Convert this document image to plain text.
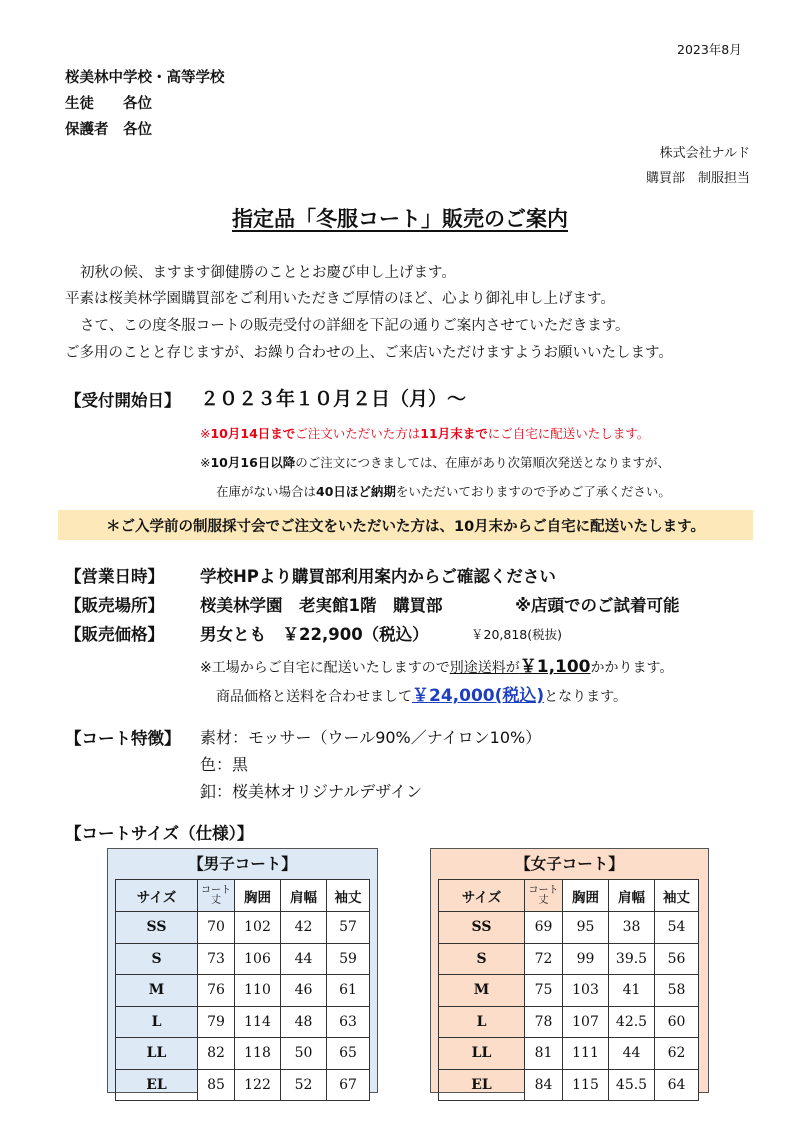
2023年8月
桜美林中学校・高等学校
生徒　　各位
保護者　各位
株式会社ナルド
購買部　制服担当
指定品「冬服コート」販売のご案内
初秋の候、ますます御健勝のこととお慶び申し上げます。
平素は桜美林学園購買部をご利用いただきご厚情のほど、心より御礼申し上げます。
さて、この度冬服コートの販売受付の詳細を下記の通りご案内させていただきます。
ご多用のことと存じますが、お繰り合わせの上、ご来店いただけますようお願いいたします。
【受付開始日】 ２０２３年１０月２日（月）～
※10月14日までご注文いただいた方は11月末までにご自宅に配送いたします。
※10月16日以降のご注文につきましては、在庫があり次第順次発送となりますが、
在庫がない場合は40日ほど納期をいただいておりますので予めご了承ください。
＊ご入学前の制服採寸会でご注文をいただいた方は、10月末からご自宅に配送いたします。
【営業日時】 学校HPより購買部利用案内からご確認ください
【販売場所】 桜美林学園　老実館1階　購買部	※店頭でのご試着可能
【販売価格】 男女とも　￥22,900（税込）	￥20,818(税抜)
※工場からご自宅に配送いたしますので別途送料が￥1,100かかります。
商品価格と送料を合わせまして￥24,000(税込)となります。
【コート特徴】 素材：モッサー（ウール90%／ナイロン10%）
色：黒
釦：桜美林オリジナルデザイン
【コートサイズ（仕様）】
【男子コート】
サイズ	コート丈	胸囲	肩幅	袖丈
SS	70	102	42	57
S	73	106	44	59
M	76	110	46	61
L	79	114	48	63
LL	82	118	50	65
EL	85	122	52	67
【女子コート】
サイズ	コート丈	胸囲	肩幅	袖丈
SS	69	95	38	54
S	72	99	39.5	56
M	75	103	41	58
L	78	107	42.5	60
LL	81	111	44	62
EL	84	115	45.5	64
